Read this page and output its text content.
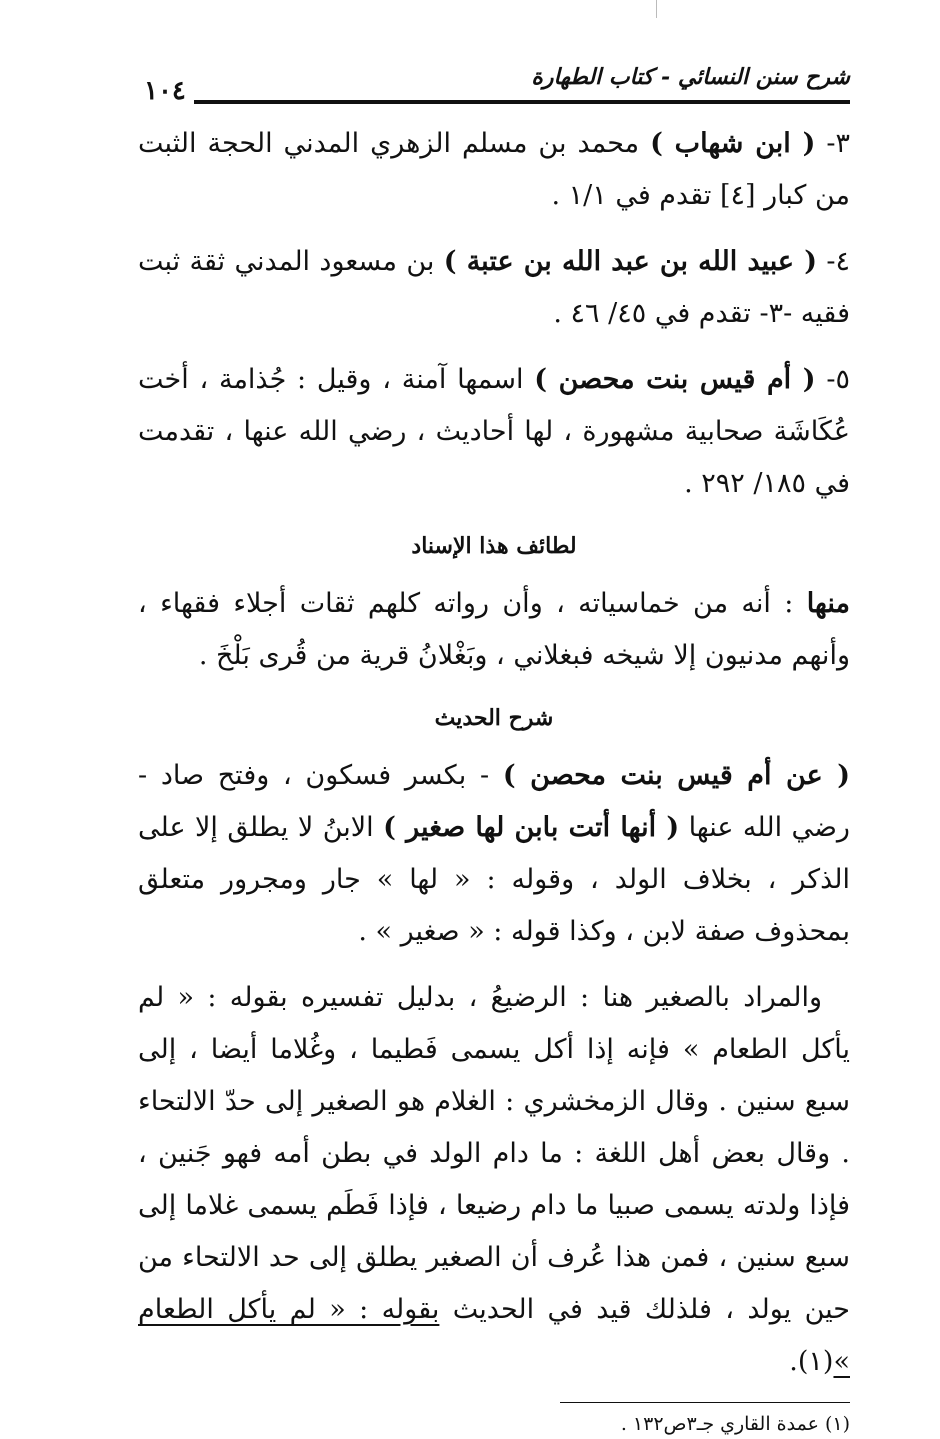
شرح سنن النسائي - كتاب الطهارة
١٠٤

٣- ( ابن شهاب ) محمد بن مسلم الزهري المدني الحجة الثبت من كبار [٤] تقدم في ١/١ .

٤- ( عبيد الله بن عبد الله بن عتبة ) بن مسعود المدني ثقة ثبت فقيه -٣- تقدم في ٤٥/ ٤٦ .

٥- ( أم قيس بنت محصن ) اسمها آمنة ، وقيل : جُذامة ، أخت عُكَاشَة صحابية مشهورة ، لها أحاديث ، رضي الله عنها ، تقدمت في ١٨٥/ ٢٩٢ .

لطائف هذا الإسناد

منها : أنه من خماسياته ، وأن رواته كلهم ثقات أجلاء فقهاء ، وأنهم مدنيون إلا شيخه فبغلاني ، وبَغْلانُ قرية من قُرى بَلْخَ .

شرح الحديث

( عن أم قيس بنت محصن ) - بكسر فسكون ، وفتح صاد - رضي الله عنها ( أنها أتت بابن لها صغير ) الابنُ لا يطلق إلا على الذكر ، بخلاف الولد ، وقوله : « لها » جار ومجرور متعلق بمحذوف صفة لابن ، وكذا قوله : « صغير » .

والمراد بالصغير هنا : الرضيعُ ، بدليل تفسيره بقوله : « لم يأكل الطعام » فإنه إذا أكل يسمى فَطيما ، وغُلاما أيضا ، إلى سبع سنين . وقال الزمخشري : الغلام هو الصغير إلى حدّ الالتحاء . وقال بعض أهل اللغة : ما دام الولد في بطن أمه فهو جَنين ، فإذا ولدته يسمى صبيا ما دام رضيعا ، فإذا فَطَم يسمى غلاما إلى سبع سنين ، فمن هذا عُرف أن الصغير يطلق إلى حد الالتحاء من حين يولد ، فلذلك قيد في الحديث بقوله : « لم يأكل الطعام »(١).

(١) عمدة القاري جـ٣ص١٣٢ .
